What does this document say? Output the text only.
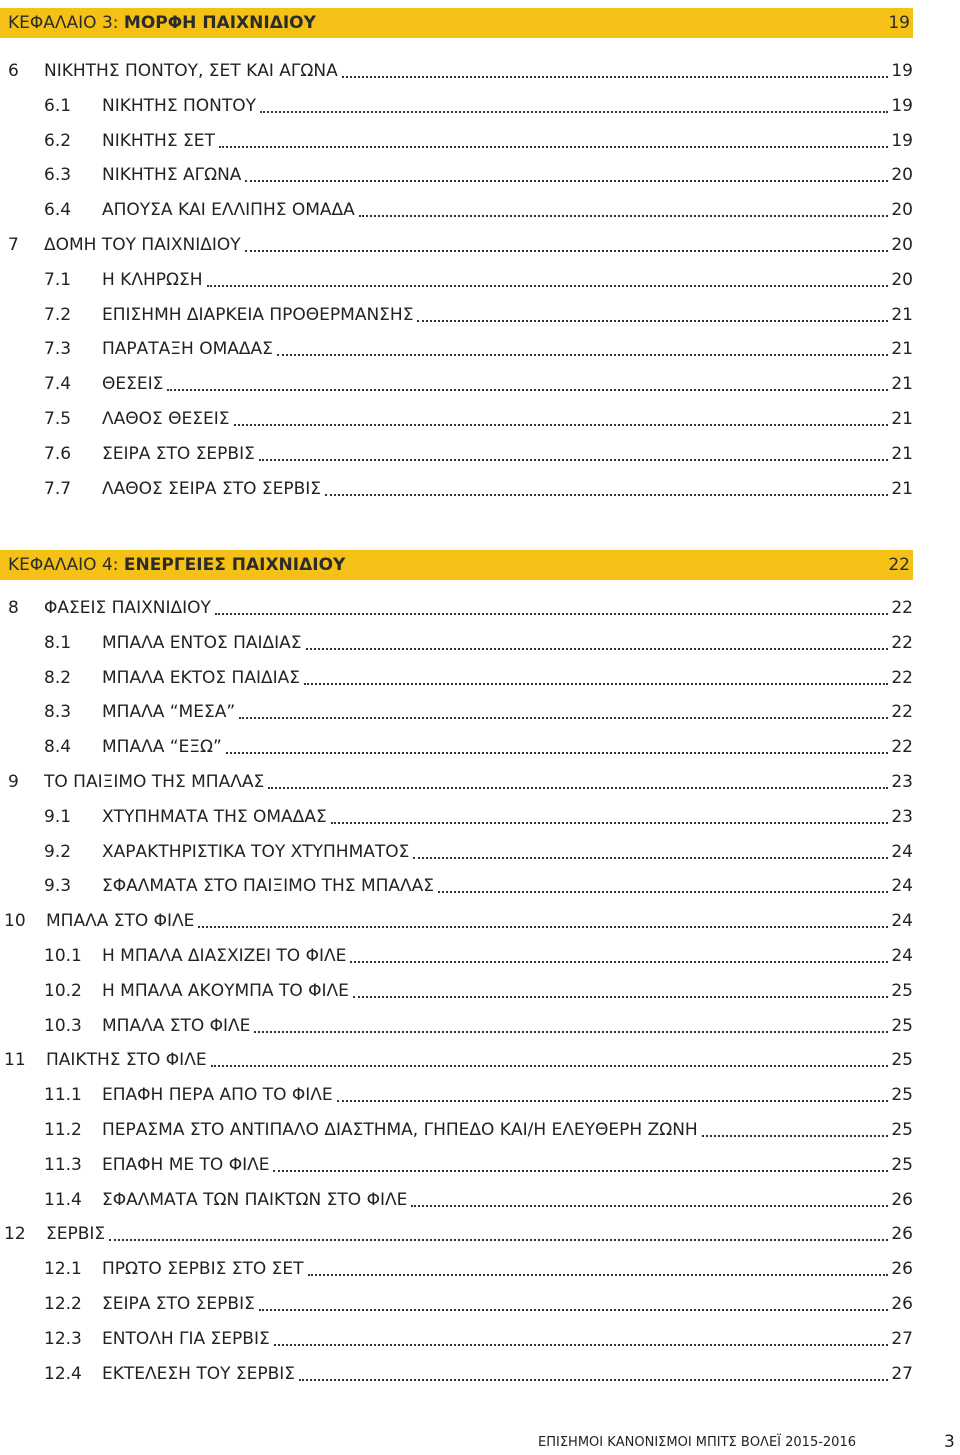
ΚΕΦΑΛΑΙΟ 3: ΜΟΡΦΗ ΠΑΙΧΝΙΔΙΟΥ	19
6 ΝΙΚΗΤΗΣ ΠΟΝΤΟΥ, ΣΕΤ ΚΑΙ ΑΓΩΝΑ	19
6.1 ΝΙΚΗΤΗΣ ΠΟΝΤΟΥ	19
6.2 ΝΙΚΗΤΗΣ ΣΕΤ	19
6.3 ΝΙΚΗΤΗΣ ΑΓΩΝΑ	20
6.4 ΑΠΟΥΣΑ ΚΑΙ ΕΛΛΙΠΗΣ ΟΜΑΔΑ	20
7 ΔΟΜΗ ΤΟΥ ΠΑΙΧΝΙΔΙΟΥ	20
7.1 Η ΚΛΗΡΩΣΗ	20
7.2 ΕΠΙΣΗΜΗ ΔΙΑΡΚΕΙΑ ΠΡΟΘΕΡΜΑΝΣΗΣ	21
7.3 ΠΑΡΑΤΑΞΗ ΟΜΑΔΑΣ	21
7.4 ΘΕΣΕΙΣ	21
7.5 ΛΑΘΟΣ ΘΕΣΕΙΣ	21
7.6 ΣΕΙΡΑ ΣΤΟ ΣΕΡΒΙΣ	21
7.7 ΛΑΘΟΣ ΣΕΙΡΑ ΣΤΟ ΣΕΡΒΙΣ	21
ΚΕΦΑΛΑΙΟ 4: ΕΝΕΡΓΕΙΕΣ ΠΑΙΧΝΙΔΙΟΥ	22
8 ΦΑΣΕΙΣ ΠΑΙΧΝΙΔΙΟΥ	22
8.1 ΜΠΑΛΑ ΕΝΤΟΣ ΠΑΙΔΙΑΣ	22
8.2 ΜΠΑΛΑ ΕΚΤΟΣ ΠΑΙΔΙΑΣ	22
8.3 ΜΠΑΛΑ “ΜΕΣΑ”	22
8.4 ΜΠΑΛΑ “ΕΞΩ”	22
9 ΤΟ ΠΑΙΞΙΜΟ ΤΗΣ ΜΠΑΛΑΣ	23
9.1 ΧΤΥΠΗΜΑΤΑ ΤΗΣ ΟΜΑΔΑΣ	23
9.2 ΧΑΡΑΚΤΗΡΙΣΤΙΚΑ ΤΟΥ ΧΤΥΠΗΜΑΤΟΣ	24
9.3 ΣΦΑΛΜΑΤΑ ΣΤΟ ΠΑΙΞΙΜΟ ΤΗΣ ΜΠΑΛΑΣ	24
10 ΜΠΑΛΑ ΣΤΟ ΦΙΛΕ	24
10.1 Η ΜΠΑΛΑ ΔΙΑΣΧΙΖΕΙ ΤΟ ΦΙΛΕ	24
10.2 Η ΜΠΑΛΑ ΑΚΟΥΜΠΑ ΤΟ ΦΙΛΕ	25
10.3 ΜΠΑΛΑ ΣΤΟ ΦΙΛΕ	25
11 ΠΑΙΚΤΗΣ ΣΤΟ ΦΙΛΕ	25
11.1 ΕΠΑΦΗ ΠΕΡΑ ΑΠΟ ΤΟ ΦΙΛΕ	25
11.2 ΠΕΡΑΣΜΑ ΣΤΟ ΑΝΤΙΠΑΛΟ ΔΙΑΣΤΗΜΑ, ΓΗΠΕΔΟ ΚΑΙ/Η ΕΛΕΥΘΕΡΗ ΖΩΝΗ	25
11.3 ΕΠΑΦΗ ΜΕ ΤΟ ΦΙΛΕ	25
11.4 ΣΦΑΛΜΑΤΑ ΤΩΝ ΠΑΙΚΤΩΝ ΣΤΟ ΦΙΛΕ	26
12 ΣΕΡΒΙΣ	26
12.1 ΠΡΩΤΟ ΣΕΡΒΙΣ ΣΤΟ ΣΕΤ	26
12.2 ΣΕΙΡΑ ΣΤΟ ΣΕΡΒΙΣ	26
12.3 ΕΝΤΟΛΗ ΓΙΑ ΣΕΡΒΙΣ	27
12.4 ΕΚΤΕΛΕΣΗ ΤΟΥ ΣΕΡΒΙΣ	27
ΕΠΙΣΗΜΟΙ ΚΑΝΟΝΙΣΜΟΙ ΜΠΙΤΣ ΒΟΛΕΪ 2015-2016	3
